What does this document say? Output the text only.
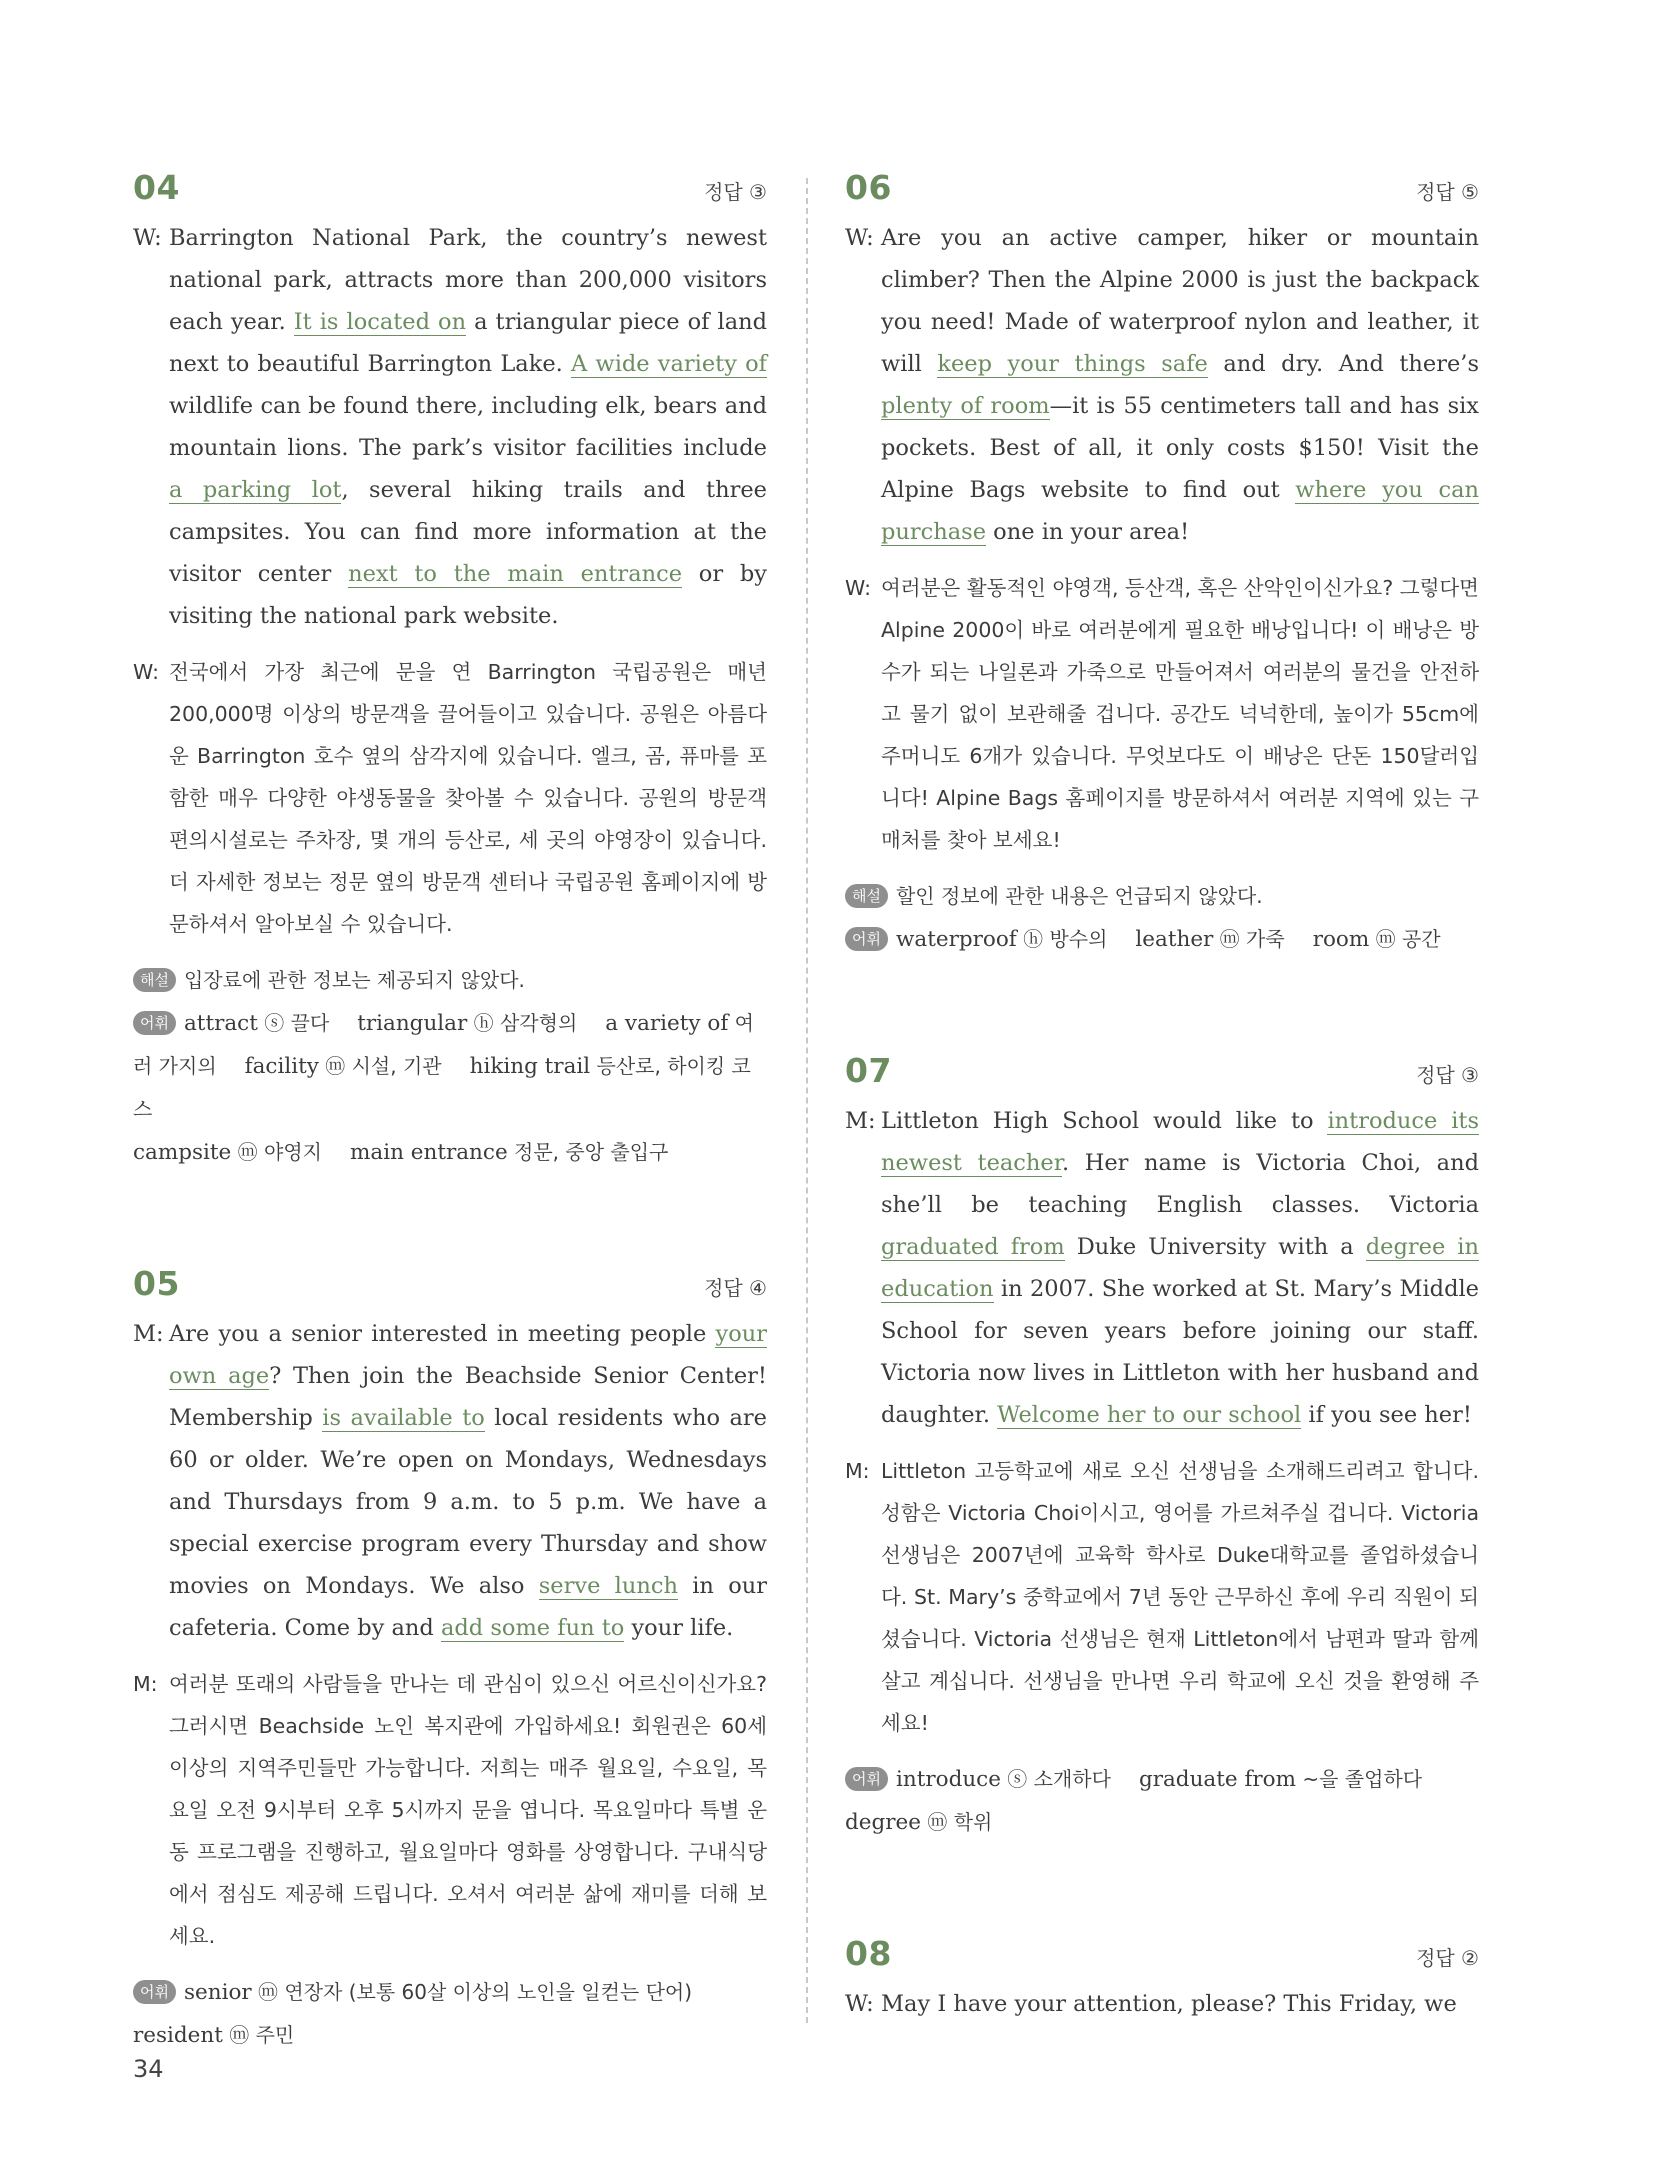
04	정답 ③
W: Barrington National Park, the country’s newest national park, attracts more than 200,000 visitors each year. It is located on a triangular piece of land next to beautiful Barrington Lake. A wide variety of wildlife can be found there, including elk, bears and mountain lions. The park’s visitor facilities include a parking lot, several hiking trails and three campsites. You can find more information at the visitor center next to the main entrance or by visiting the national park website.
W: 전국에서 가장 최근에 문을 연 Barrington 국립공원은 매년 200,000명 이상의 방문객을 끌어들이고 있습니다. 공원은 아름다운 Barrington 호수 옆의 삼각지에 있습니다. 엘크, 곰, 퓨마를 포함한 매우 다양한 야생동물을 찾아볼 수 있습니다. 공원의 방문객 편의시설로는 주차장, 몇 개의 등산로, 세 곳의 야영장이 있습니다. 더 자세한 정보는 정문 옆의 방문객 센터나 국립공원 홈페이지에 방문하셔서 알아보실 수 있습니다.
해설 입장료에 관한 정보는 제공되지 않았다.
어휘 attract ⓢ 끌다 triangular ⓗ 삼각형의 a variety of 여러 가지의 facility ⓜ 시설, 기관 hiking trail 등산로, 하이킹 코스
campsite ⓜ 야영지 main entrance 정문, 중앙 출입구
05	정답 ④
M: Are you a senior interested in meeting people your own age? Then join the Beachside Senior Center! Membership is available to local residents who are 60 or older. We’re open on Mondays, Wednesdays and Thursdays from 9 a.m. to 5 p.m. We have a special exercise program every Thursday and show movies on Mondays. We also serve lunch in our cafeteria. Come by and add some fun to your life.
M: 여러분 또래의 사람들을 만나는 데 관심이 있으신 어르신이신가요? 그러시면 Beachside 노인 복지관에 가입하세요! 회원권은 60세 이상의 지역주민들만 가능합니다. 저희는 매주 월요일, 수요일, 목요일 오전 9시부터 오후 5시까지 문을 엽니다. 목요일마다 특별 운동 프로그램을 진행하고, 월요일마다 영화를 상영합니다. 구내식당에서 점심도 제공해 드립니다. 오셔서 여러분 삶에 재미를 더해 보세요.
어휘 senior ⓜ 연장자 (보통 60살 이상의 노인을 일컫는 단어)
resident ⓜ 주민
06	정답 ⑤
W: Are you an active camper, hiker or mountain climber? Then the Alpine 2000 is just the backpack you need! Made of waterproof nylon and leather, it will keep your things safe and dry. And there’s plenty of room—it is 55 centimeters tall and has six pockets. Best of all, it only costs $150! Visit the Alpine Bags website to find out where you can purchase one in your area!
W: 여러분은 활동적인 야영객, 등산객, 혹은 산악인이신가요? 그렇다면 Alpine 2000이 바로 여러분에게 필요한 배낭입니다! 이 배낭은 방수가 되는 나일론과 가죽으로 만들어져서 여러분의 물건을 안전하고 물기 없이 보관해줄 겁니다. 공간도 넉넉한데, 높이가 55cm에 주머니도 6개가 있습니다. 무엇보다도 이 배낭은 단돈 150달러입니다! Alpine Bags 홈페이지를 방문하셔서 여러분 지역에 있는 구매처를 찾아 보세요!
해설 할인 정보에 관한 내용은 언급되지 않았다.
어휘 waterproof ⓗ 방수의 leather ⓜ 가죽 room ⓜ 공간
07	정답 ③
M: Littleton High School would like to introduce its newest teacher. Her name is Victoria Choi, and she’ll be teaching English classes. Victoria graduated from Duke University with a degree in education in 2007. She worked at St. Mary’s Middle School for seven years before joining our staff. Victoria now lives in Littleton with her husband and daughter. Welcome her to our school if you see her!
M: Littleton 고등학교에 새로 오신 선생님을 소개해드리려고 합니다. 성함은 Victoria Choi이시고, 영어를 가르쳐주실 겁니다. Victoria 선생님은 2007년에 교육학 학사로 Duke대학교를 졸업하셨습니다. St. Mary’s 중학교에서 7년 동안 근무하신 후에 우리 직원이 되셨습니다. Victoria 선생님은 현재 Littleton에서 남편과 딸과 함께 살고 계십니다. 선생님을 만나면 우리 학교에 오신 것을 환영해 주세요!
어휘 introduce ⓢ 소개하다 graduate from ~을 졸업하다
degree ⓜ 학위
08	정답 ②
W: May I have your attention, please? This Friday, we
34
